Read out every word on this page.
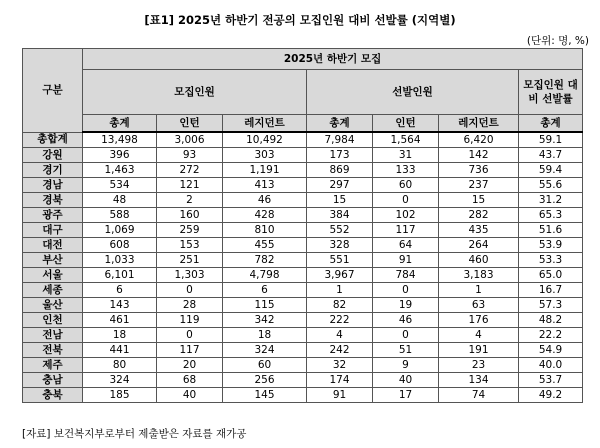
[표1] 2025년 하반기 전공의 모집인원 대비 선발률 (지역별)
(단위: 명, %)
구분	2025년 하반기 모집						
	모집인원			선발인원			모집인원 대비 선발률
	총계	인턴	레지던트	총계	인턴	레지던트	총계
총합계	13,498	3,006	10,492	7,984	1,564	6,420	59.1
강원	396	93	303	173	31	142	43.7
경기	1,463	272	1,191	869	133	736	59.4
경남	534	121	413	297	60	237	55.6
경북	48	2	46	15	0	15	31.2
광주	588	160	428	384	102	282	65.3
대구	1,069	259	810	552	117	435	51.6
대전	608	153	455	328	64	264	53.9
부산	1,033	251	782	551	91	460	53.3
서울	6,101	1,303	4,798	3,967	784	3,183	65.0
세종	6	0	6	1	0	1	16.7
울산	143	28	115	82	19	63	57.3
인천	461	119	342	222	46	176	48.2
전남	18	0	18	4	0	4	22.2
전북	441	117	324	242	51	191	54.9
제주	80	20	60	32	9	23	40.0
충남	324	68	256	174	40	134	53.7
충북	185	40	145	91	17	74	49.2
[자료] 보건복지부로부터 제출받은 자료를 재가공
